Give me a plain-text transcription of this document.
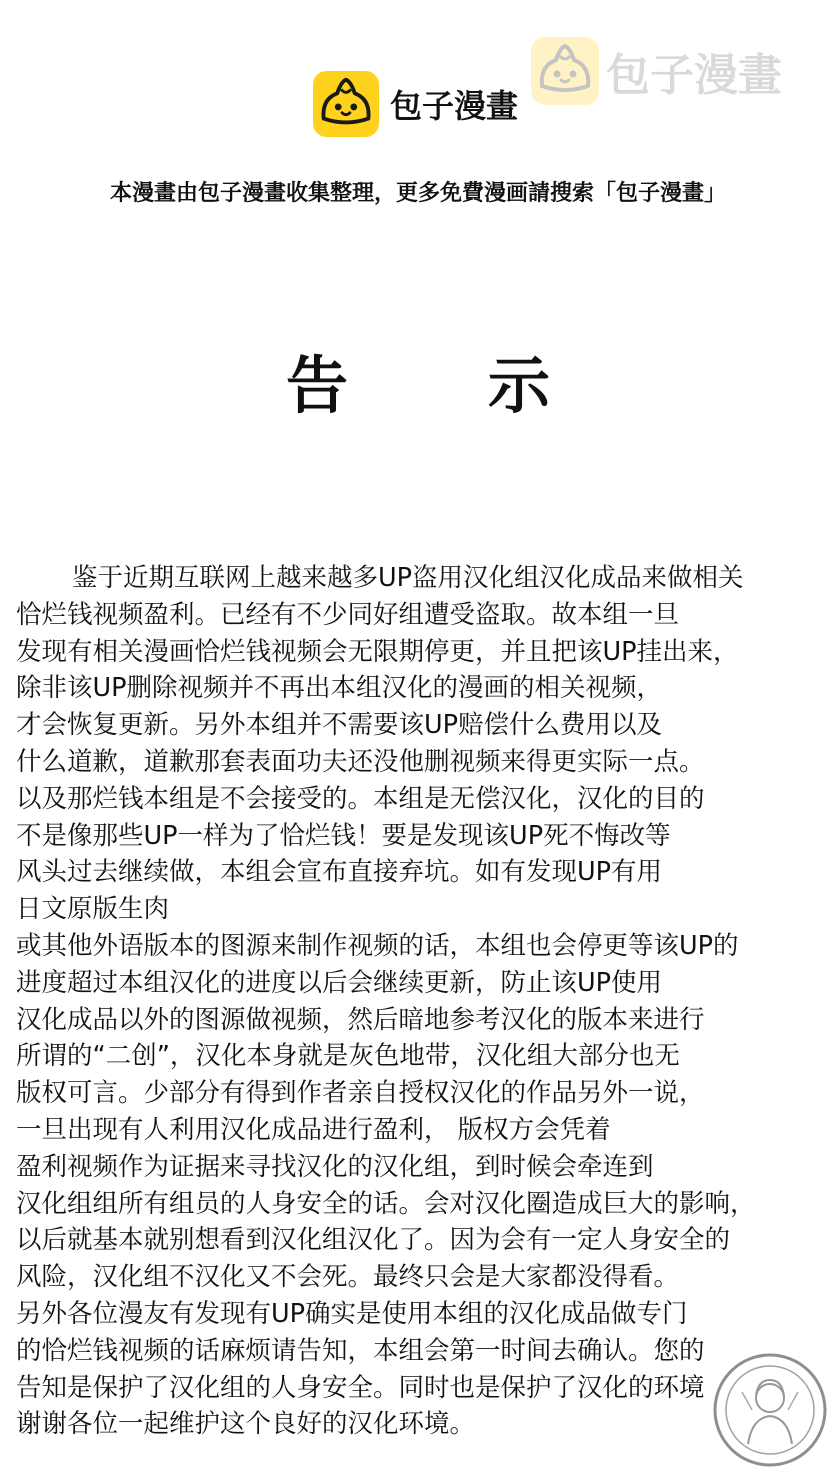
包子漫畫
包子漫畫
本漫畫由包子漫畫收集整理，更多免費漫画請搜索「包子漫畫」
告示
鉴于近期互联网上越来越多UP盗用汉化组汉化成品来做相关
恰烂钱视频盈利。已经有不少同好组遭受盗取。故本组一旦
发现有相关漫画恰烂钱视频会无限期停更，并且把该UP挂出来，
除非该UP删除视频并不再出本组汉化的漫画的相关视频，
才会恢复更新。另外本组并不需要该UP赔偿什么费用以及
什么道歉，道歉那套表面功夫还没他删视频来得更实际一点。
以及那烂钱本组是不会接受的。本组是无偿汉化，汉化的目的
不是像那些UP一样为了恰烂钱！要是发现该UP死不悔改等
风头过去继续做，本组会宣布直接弃坑。如有发现UP有用
日文原版生肉
或其他外语版本的图源来制作视频的话，本组也会停更等该UP的
进度超过本组汉化的进度以后会继续更新，防止该UP使用
汉化成品以外的图源做视频，然后暗地参考汉化的版本来进行
所谓的“二创”，汉化本身就是灰色地带，汉化组大部分也无
版权可言。少部分有得到作者亲自授权汉化的作品另外一说，
一旦出现有人利用汉化成品进行盈利， 版权方会凭着
盈利视频作为证据来寻找汉化的汉化组，到时候会牵连到
汉化组组所有组员的人身安全的话。会对汉化圈造成巨大的影响，
以后就基本就别想看到汉化组汉化了。因为会有一定人身安全的
风险，汉化组不汉化又不会死。最终只会是大家都没得看。
另外各位漫友有发现有UP确实是使用本组的汉化成品做专门
的恰烂钱视频的话麻烦请告知，本组会第一时间去确认。您的
告知是保护了汉化组的人身安全。同时也是保护了汉化的环境
谢谢各位一起维护这个良好的汉化环境。
